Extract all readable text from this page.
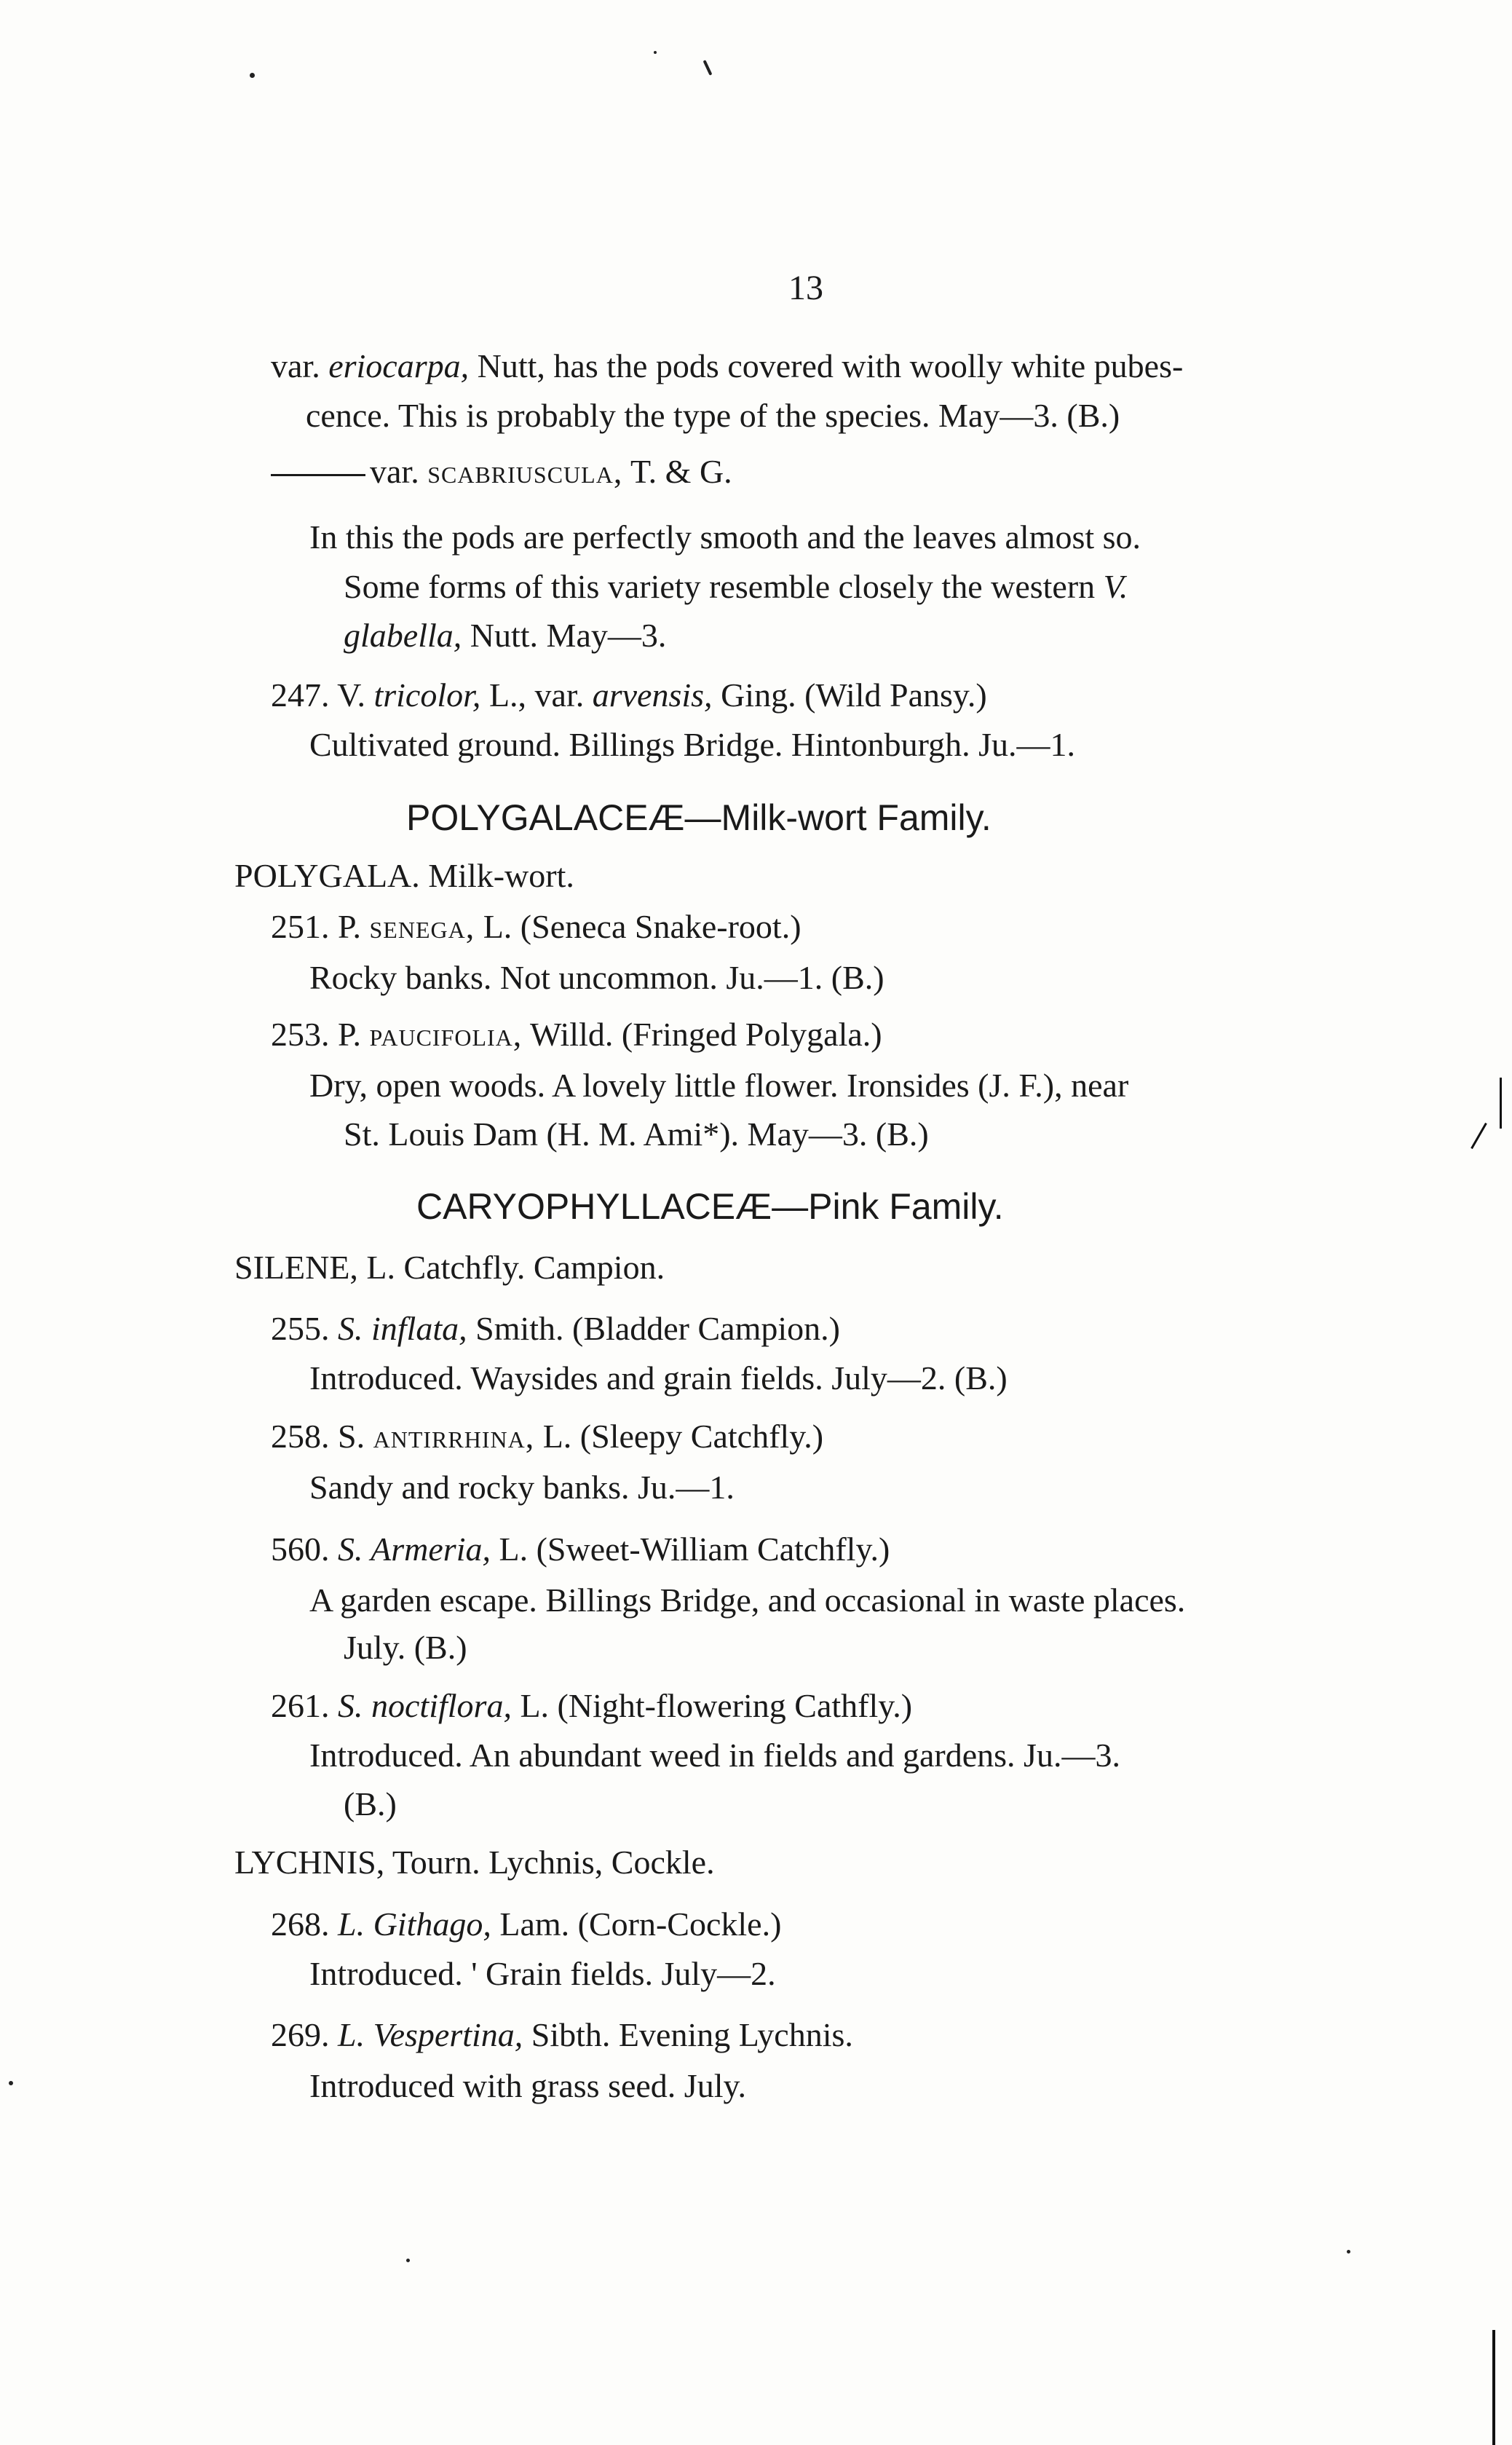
13
var. eriocarpa, Nutt, has the pods covered with woolly white pubes-
cence. This is probably the type of the species. May—3. (B.)
var. scabriuscula, T. & G.
In this the pods are perfectly smooth and the leaves almost so.
Some forms of this variety resemble closely the western V.
glabella, Nutt. May—3.
247. V. tricolor, L., var. arvensis, Ging. (Wild Pansy.)
Cultivated ground. Billings Bridge. Hintonburgh. Ju.—1.
POLYGALACEÆ—Milk-wort Family.
POLYGALA. Milk-wort.
251. P. senega, L. (Seneca Snake-root.)
Rocky banks. Not uncommon. Ju.—1. (B.)
253. P. paucifolia, Willd. (Fringed Polygala.)
Dry, open woods. A lovely little flower. Ironsides (J. F.), near
St. Louis Dam (H. M. Ami*). May—3. (B.)
CARYOPHYLLACEÆ—Pink Family.
SILENE, L. Catchfly. Campion.
255. S. inflata, Smith. (Bladder Campion.)
Introduced. Waysides and grain fields. July—2. (B.)
258. S. antirrhina, L. (Sleepy Catchfly.)
Sandy and rocky banks. Ju.—1.
560. S. Armeria, L. (Sweet-William Catchfly.)
A garden escape. Billings Bridge, and occasional in waste places.
July. (B.)
261. S. noctiflora, L. (Night-flowering Cathfly.)
Introduced. An abundant weed in fields and gardens. Ju.—3.
(B.)
LYCHNIS, Tourn. Lychnis, Cockle.
268. L. Githago, Lam. (Corn-Cockle.)
Introduced. ' Grain fields. July—2.
269. L. Vespertina, Sibth. Evening Lychnis.
Introduced with grass seed. July.
